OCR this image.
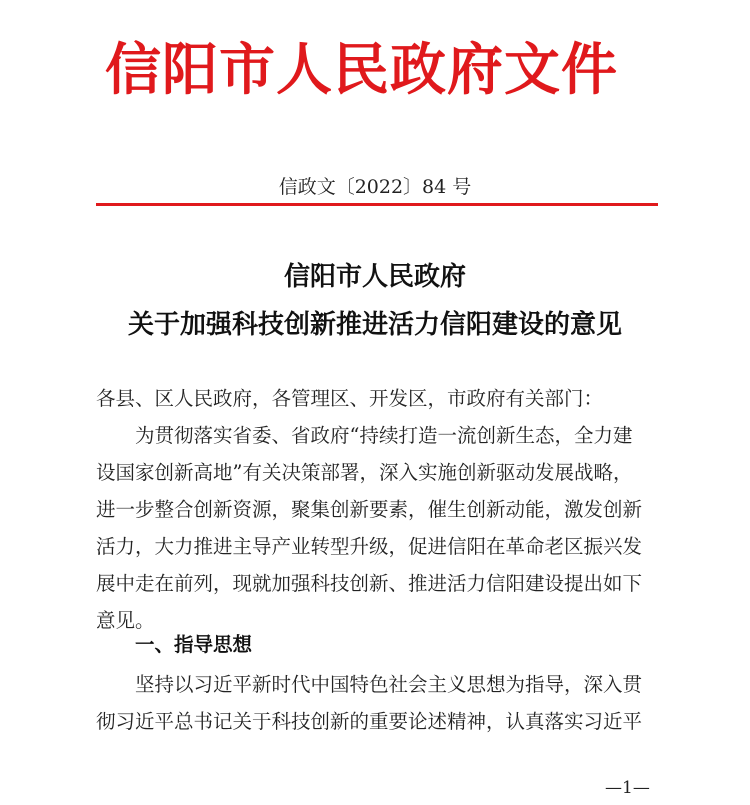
信阳市人民政府文件
信政文〔2022〕84 号
信阳市人民政府
关于加强科技创新推进活力信阳建设的意见
各县、区人民政府，各管理区、开发区，市政府有关部门：
为贯彻落实省委、省政府“持续打造一流创新生态，全力建
设国家创新高地”有关决策部署，深入实施创新驱动发展战略，
进一步整合创新资源，聚集创新要素，催生创新动能，激发创新
活力，大力推进主导产业转型升级，促进信阳在革命老区振兴发
展中走在前列，现就加强科技创新、推进活力信阳建设提出如下
意见。
一、指导思想
坚持以习近平新时代中国特色社会主义思想为指导，深入贯
彻习近平总书记关于科技创新的重要论述精神，认真落实习近平
—1—
